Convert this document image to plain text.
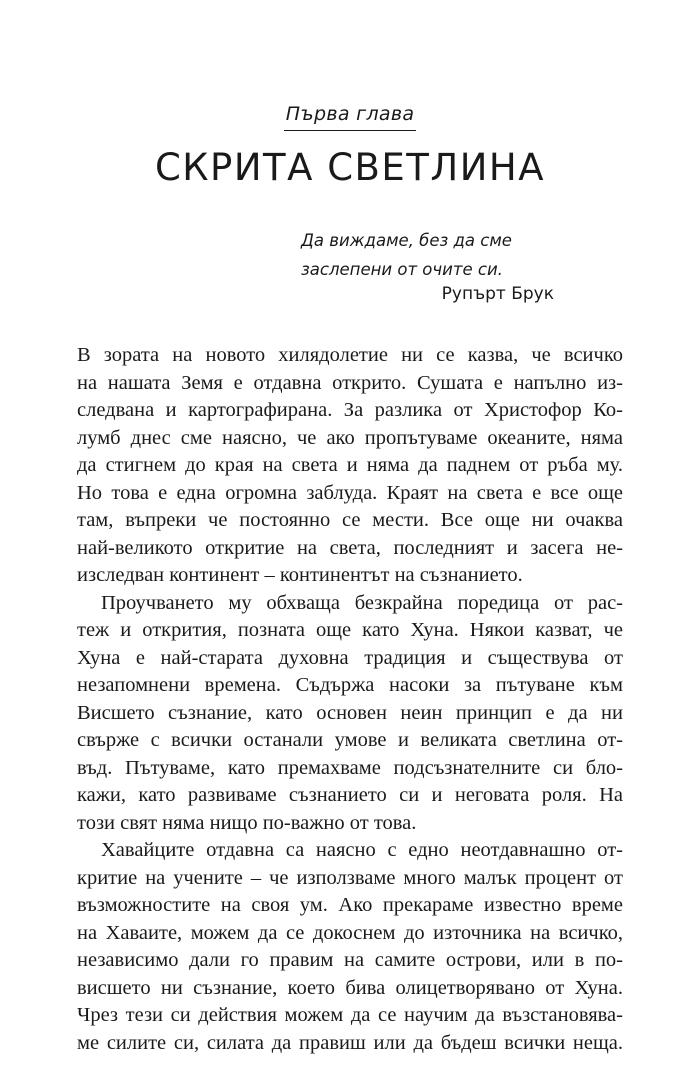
Първа глава
СКРИТА СВЕТЛИНА
Да виждаме, без да сме
заслепени от очите си.
Рупърт Брук
В зората на новото хилядолетие ни се казва, че всичко
на нашата Земя е отдавна открито. Сушата е напълно из-
следвана и картографирана. За разлика от Христофор Ко-
лумб днес сме наясно, че ако пропътуваме океаните, няма
да стигнем до края на света и няма да паднем от ръба му.
Но това е една огромна заблуда. Краят на света е все още
там, въпреки че постоянно се мести. Все още ни очаква
най-великото откритие на света, последният и засега не-
изследван континент – континентът на съзнанието.
Проучването му обхваща безкрайна поредица от рас-
теж и открития, позната още като Хуна. Някои казват, че
Хуна е най-старата духовна традиция и съществува от
незапомнени времена. Съдържа насоки за пътуване към
Висшето съзнание, като основен неин принцип е да ни
свърже с всички останали умове и великата светлина от-
въд. Пътуваме, като премахваме подсъзнателните си бло-
кажи, като развиваме съзнанието си и неговата роля. На
този свят няма нищо по-важно от това.
Хавайците отдавна са наясно с едно неотдавнашно от-
критие на учените – че използваме много малък процент от
възможностите на своя ум. Ако прекараме известно време
на Хаваите, можем да се докоснем до източника на всичко,
независимо дали го правим на самите острови, или в по-
висшето ни съзнание, което бива олицетворявано от Хуна.
Чрез тези си действия можем да се научим да възстановява-
ме силите си, силата да правиш или да бъдеш всички неща.
